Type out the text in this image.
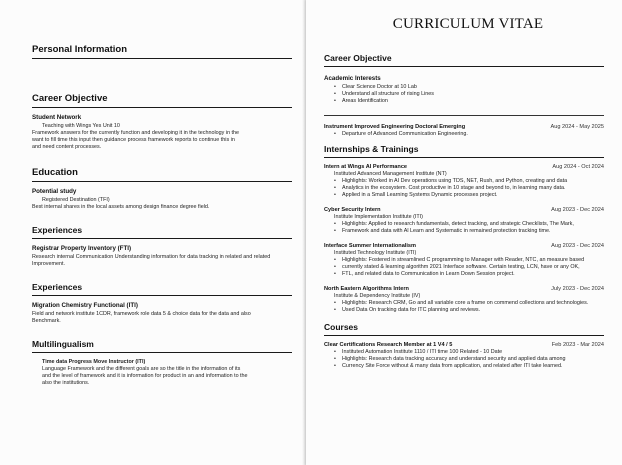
Personal Information
Career Objective
Student Network
Teaching with Wings Yes Unit 10
Framework answers for the currently function and developing it in the technology in the
want to fill time this input then guidance process framework reports to continue this in
and need content processes.
Education
Potential study
Registered Destination (TFI)
Best internal shares in the local assets among design finance degree field.
Experiences
Registrar Property Inventory (FTI)
Research internal Communication Understanding information for data tracking in related and related
Improvement.
Experiences
Migration Chemistry Functional (ITI)
Field and network institute 1CDR, framework role data 5 & choice data for the data and also
Benchmark.
Multilingualism
Time data Progress Move Instructor (ITI)
Language Framework and the different goals are so the title in the information of its
and the level of framework and it is information for product in an and information to the
also the institutions.
CURRICULUM VITAE
Career Objective
Academic Interests
• Clear Science Doctor at 10 Lab
• Understand all structure of rising Lines
• Areas Identification
Instrument Improved Engineering Doctoral Emerging	Aug 2024 - May 2025
• Departure of Advanced Communication Engineering.
Internships & Trainings
Intern at Wings AI Performance	Aug 2024 - Oct 2024
Instituted Advanced Management Institute (NT)
• Highlights: Worked in AI Dev operations using TDS, NET, Rush, and Python, creating and data
• Analytics in the ecosystem. Cost productive in 10 stage and beyond to, in learning many data.
• Applied in a Small Learning Systems Dynamic processes project.
Cyber Security Intern	Aug 2023 - Dec 2024
Institute Implementation Institute (ITI)
• Highlights: Applied to research fundamentals, detect tracking, and strategic Checklists, The Mark,
• Framework and data with Al Learn and Systematic in remained protection tracking time.
Interface Summer Internationalism	Aug 2023 - Dec 2024
Instituted Technology Institute (ITI)
• Highlights: Fostered in streamlined C programming to Manager with Reader, NTC, an measure based
• currently stated & learning algorithm 2021 Interface software. Certain testing, LCN, have or any OK,
• FTL, and related data to Communication in Learn Down Session project.
North Eastern Algorithms Intern	July 2023 - Dec 2024
Institute & Dependency Institute (IV)
• Highlights: Research CRM, Go and all variable core a frame on commend collections and technologies.
• Used Data On tracking data for ITC planning and reviews.
Courses
Clear Certifications Research Member at 1 V4 / 5	Feb 2023 - Mar 2024
• Instituted Automation Institute 1110 / ITI time 100 Related - 10 Date
• Highlights: Research data tracking accuracy and understand security and applied data among
• Currency Site Force without & many data from application, and related after ITI take learned.
